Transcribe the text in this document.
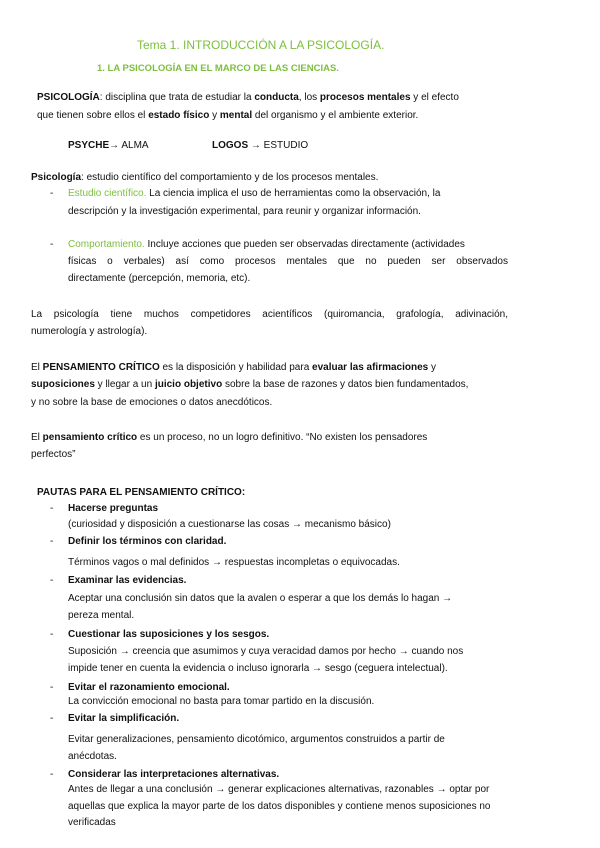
Tema 1. INTRODUCCIÓN A LA PSICOLOGÍA.
1. LA PSICOLOGÍA EN EL MARCO DE LAS CIENCIAS.
PSICOLOGÍA: disciplina que trata de estudiar la conducta, los procesos mentales y el efecto
que tienen sobre ellos el estado físico y mental del organismo y el ambiente exterior.
PSYCHE→ ALMA	LOGOS → ESTUDIO
Psicología: estudio científico del comportamiento y de los procesos mentales.
- Estudio científico. La ciencia implica el uso de herramientas como la observación, la
descripción y la investigación experimental, para reunir y organizar información.
- Comportamiento. Incluye acciones que pueden ser observadas directamente (actividades
físicas o verbales) así como procesos mentales que no pueden ser observados
directamente (percepción, memoria, etc).
La psicología tiene muchos competidores acientíficos (quiromancia, grafología, adivinación,
numerología y astrología).
El PENSAMIENTO CRÍTICO es la disposición y habilidad para evaluar las afirmaciones y
suposiciones y llegar a un juicio objetivo sobre la base de razones y datos bien fundamentados,
y no sobre la base de emociones o datos anecdóticos.
El pensamiento crítico es un proceso, no un logro definitivo. “No existen los pensadores
perfectos”
PAUTAS PARA EL PENSAMIENTO CRÍTICO:
- Hacerse preguntas
(curiosidad y disposición a cuestionarse las cosas → mecanismo básico)
- Definir los términos con claridad.
Términos vagos o mal definidos → respuestas incompletas o equivocadas.
- Examinar las evidencias.
Aceptar una conclusión sin datos que la avalen o esperar a que los demás lo hagan →
pereza mental.
- Cuestionar las suposiciones y los sesgos.
Suposición → creencia que asumimos y cuya veracidad damos por hecho → cuando nos
impide tener en cuenta la evidencia o incluso ignorarla → sesgo (ceguera intelectual).
- Evitar el razonamiento emocional.
La convicción emocional no basta para tomar partido en la discusión.
- Evitar la simplificación.
Evitar generalizaciones, pensamiento dicotómico, argumentos construidos a partir de
anécdotas.
- Considerar las interpretaciones alternativas.
Antes de llegar a una conclusión → generar explicaciones alternativas, razonables → optar por
aquellas que explica la mayor parte de los datos disponibles y contiene menos suposiciones no
verificadas
